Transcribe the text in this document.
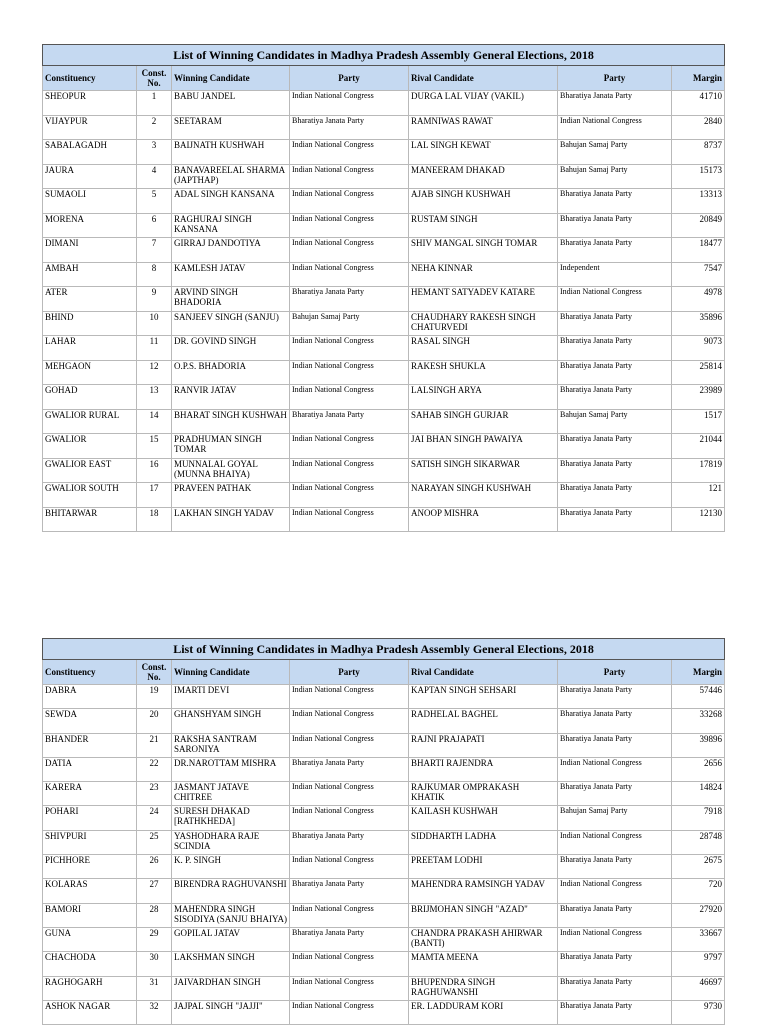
List of Winning Candidates in Madhya Pradesh Assembly General Elections, 2018						
Constituency	Const. No.	Winning Candidate	Party	Rival Candidate	Party	Margin
SHEOPUR	1	BABU JANDEL	Indian National Congress	DURGA LAL VIJAY (VAKIL)	Bharatiya Janata Party	41710
VIJAYPUR	2	SEETARAM	Bharatiya Janata Party	RAMNIWAS RAWAT	Indian National Congress	2840
SABALAGADH	3	BAIJNATH KUSHWAH	Indian National Congress	LAL SINGH KEWAT	Bahujan Samaj Party	8737
JAURA	4	BANAVAREELAL SHARMA (JAPTHAP)	Indian National Congress	MANEERAM DHAKAD	Bahujan Samaj Party	15173
SUMAOLI	5	ADAL SINGH KANSANA	Indian National Congress	AJAB SINGH KUSHWAH	Bharatiya Janata Party	13313
MORENA	6	RAGHURAJ SINGH KANSANA	Indian National Congress	RUSTAM SINGH	Bharatiya Janata Party	20849
DIMANI	7	GIRRAJ DANDOTIYA	Indian National Congress	SHIV MANGAL SINGH TOMAR	Bharatiya Janata Party	18477
AMBAH	8	KAMLESH JATAV	Indian National Congress	NEHA KINNAR	Independent	7547
ATER	9	ARVIND SINGH BHADORIA	Bharatiya Janata Party	HEMANT SATYADEV KATARE	Indian National Congress	4978
BHIND	10	SANJEEV SINGH (SANJU)	Bahujan Samaj Party	CHAUDHARY RAKESH SINGH CHATURVEDI	Bharatiya Janata Party	35896
LAHAR	11	DR. GOVIND SINGH	Indian National Congress	RASAL SINGH	Bharatiya Janata Party	9073
MEHGAON	12	O.P.S. BHADORIA	Indian National Congress	RAKESH SHUKLA	Bharatiya Janata Party	25814
GOHAD	13	RANVIR JATAV	Indian National Congress	LALSINGH ARYA	Bharatiya Janata Party	23989
GWALIOR RURAL	14	BHARAT SINGH KUSHWAH	Bharatiya Janata Party	SAHAB SINGH GURJAR	Bahujan Samaj Party	1517
GWALIOR	15	PRADHUMAN SINGH TOMAR	Indian National Congress	JAI BHAN SINGH PAWAIYA	Bharatiya Janata Party	21044
GWALIOR EAST	16	MUNNALAL GOYAL (MUNNA BHAIYA)	Indian National Congress	SATISH SINGH SIKARWAR	Bharatiya Janata Party	17819
GWALIOR SOUTH	17	PRAVEEN PATHAK	Indian National Congress	NARAYAN SINGH KUSHWAH	Bharatiya Janata Party	121
BHITARWAR	18	LAKHAN SINGH YADAV	Indian National Congress	ANOOP MISHRA	Bharatiya Janata Party	12130
List of Winning Candidates in Madhya Pradesh Assembly General Elections, 2018						
Constituency	Const. No.	Winning Candidate	Party	Rival Candidate	Party	Margin
DABRA	19	IMARTI DEVI	Indian National Congress	KAPTAN SINGH SEHSARI	Bharatiya Janata Party	57446
SEWDA	20	GHANSHYAM SINGH	Indian National Congress	RADHELAL BAGHEL	Bharatiya Janata Party	33268
BHANDER	21	RAKSHA SANTRAM SARONIYA	Indian National Congress	RAJNI PRAJAPATI	Bharatiya Janata Party	39896
DATIA	22	DR.NAROTTAM MISHRA	Bharatiya Janata Party	BHARTI RAJENDRA	Indian National Congress	2656
KARERA	23	JASMANT JATAVE CHITREE	Indian National Congress	RAJKUMAR OMPRAKASH KHATIK	Bharatiya Janata Party	14824
POHARI	24	SURESH DHAKAD [RATHKHEDA]	Indian National Congress	KAILASH KUSHWAH	Bahujan Samaj Party	7918
SHIVPURI	25	YASHODHARA RAJE SCINDIA	Bharatiya Janata Party	SIDDHARTH LADHA	Indian National Congress	28748
PICHHORE	26	K. P. SINGH	Indian National Congress	PREETAM LODHI	Bharatiya Janata Party	2675
KOLARAS	27	BIRENDRA RAGHUVANSHI	Bharatiya Janata Party	MAHENDRA RAMSINGH YADAV	Indian National Congress	720
BAMORI	28	MAHENDRA SINGH SISODIYA (SANJU BHAIYA)	Indian National Congress	BRIJMOHAN SINGH "AZAD"	Bharatiya Janata Party	27920
GUNA	29	GOPILAL JATAV	Bharatiya Janata Party	CHANDRA PRAKASH AHIRWAR (BANTI)	Indian National Congress	33667
CHACHODA	30	LAKSHMAN SINGH	Indian National Congress	MAMTA MEENA	Bharatiya Janata Party	9797
RAGHOGARH	31	JAIVARDHAN SINGH	Indian National Congress	BHUPENDRA SINGH RAGHUWANSHI	Bharatiya Janata Party	46697
ASHOK NAGAR	32	JAJPAL SINGH "JAJJI"	Indian National Congress	ER. LADDURAM KORI	Bharatiya Janata Party	9730
